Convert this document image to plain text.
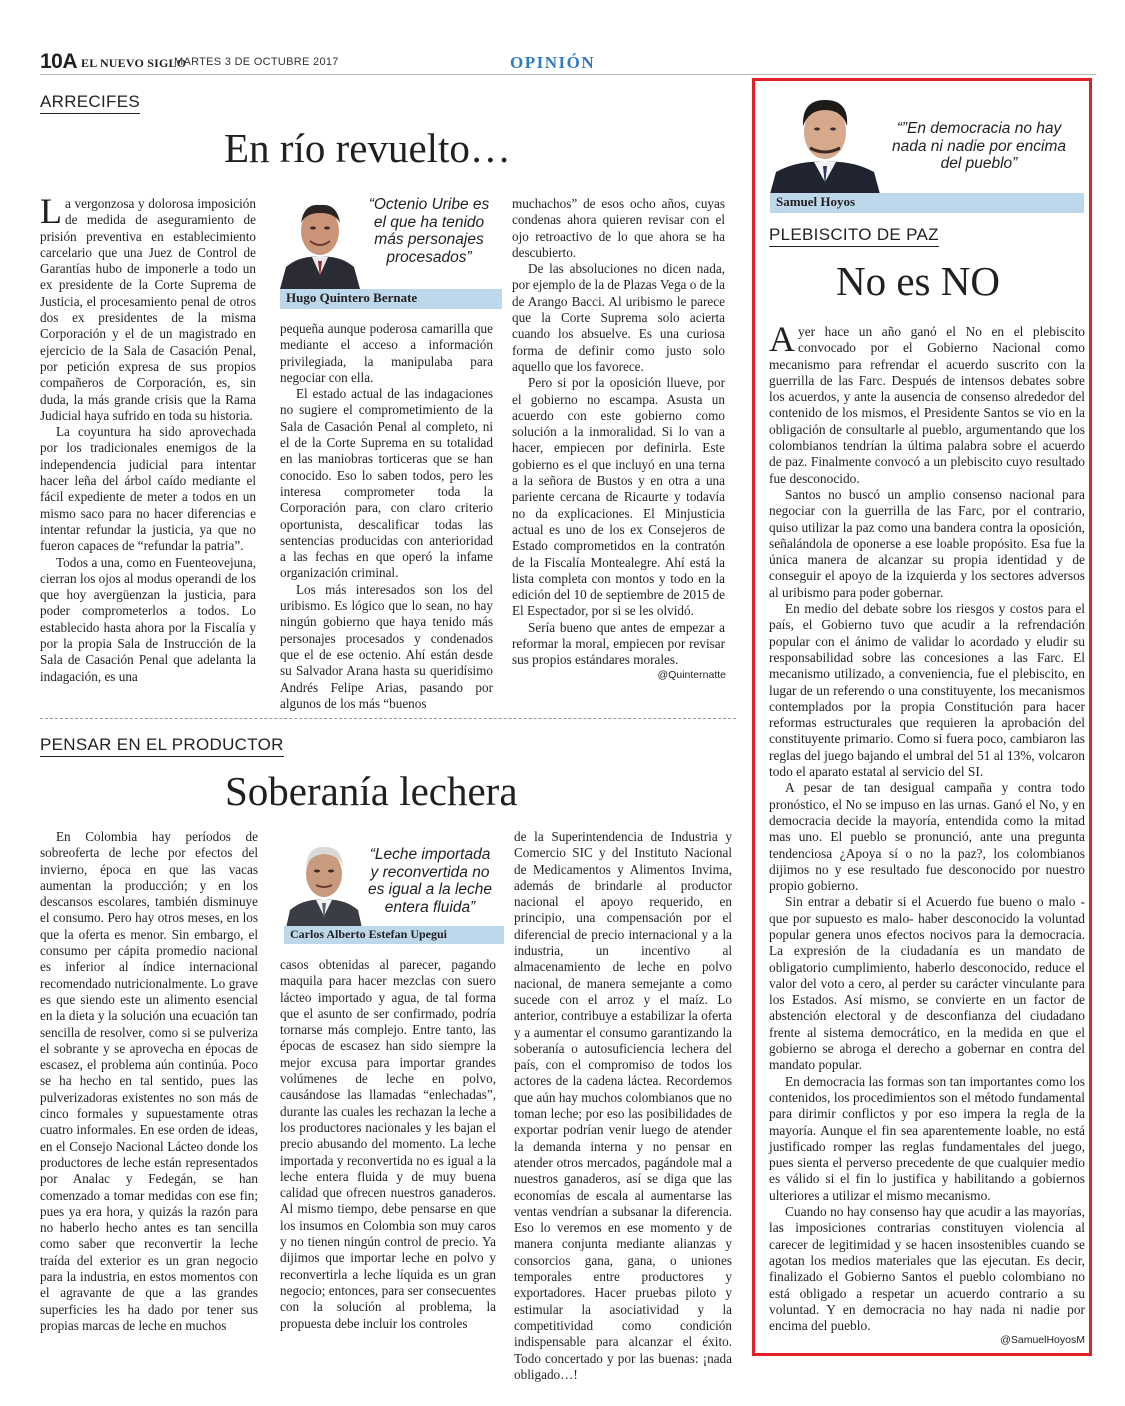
10A EL NUEVO SIGLO
MARTES 3 DE OCTUBRE 2017	OPINIÓN
ARRECIFES
En río revuelto…

La vergonzosa y dolorosa imposición de medida de aseguramiento de prisión preventiva en establecimiento carcelario que una Juez de Control de Garantías hubo de imponerle a todo un ex presidente de la Corte Suprema de Justicia, el procesamiento penal de otros dos ex presidentes de la misma Corporación y el de un magistrado en ejercicio de la Sala de Casación Penal, por petición expresa de sus propios compañeros de Corporación, es, sin duda, la más grande crisis que la Rama Judicial haya sufrido en toda su historia.

La coyuntura ha sido aprovechada por los tradicionales enemigos de la independencia judicial para intentar hacer leña del árbol caído mediante el fácil expediente de meter a todos en un mismo saco para no hacer diferencias e intentar refundar la justicia, ya que no fueron capaces de “refundar la patria”.

Todos a una, como en Fuenteovejuna, cierran los ojos al modus operandi de los que hoy avergüenzan la justicia, para poder comprometerlos a todos. Lo establecido hasta ahora por la Fiscalía y por la propia Sala de Instrucción de la Sala de Casación Penal que adelanta la indagación, es una

“Octenio Uribe es el que ha tenido más personajes procesados”
Hugo Quintero Bernate

pequeña aunque poderosa camarilla que mediante el acceso a información privilegiada, la manipulaba para negociar con ella.

El estado actual de las indagaciones no sugiere el comprometimiento de la Sala de Casación Penal al completo, ni el de la Corte Suprema en su totalidad en las maniobras torticeras que se han conocido. Eso lo saben todos, pero les interesa comprometer toda la Corporación para, con claro criterio oportunista, descalificar todas las sentencias producidas con anterioridad a las fechas en que operó la infame organización criminal.

Los más interesados son los del uribismo. Es lógico que lo sean, no hay ningún gobierno que haya tenido más personajes procesados y condenados que el de ese octenio. Ahí están desde su Salvador Arana hasta su queridísimo Andrés Felipe Arias, pasando por algunos de los más “buenos

muchachos” de esos ocho años, cuyas condenas ahora quieren revisar con el ojo retroactivo de lo que ahora se ha descubierto.

De las absoluciones no dicen nada, por ejemplo de la de Plazas Vega o de la de Arango Bacci. Al uribismo le parece que la Corte Suprema solo acierta cuando los absuelve. Es una curiosa forma de definir como justo solo aquello que los favorece.

Pero si por la oposición llueve, por el gobierno no escampa. Asusta un acuerdo con este gobierno como solución a la inmoralidad. Si lo van a hacer, empiecen por definirla. Este gobierno es el que incluyó en una terna a la señora de Bustos y en otra a una pariente cercana de Ricaurte y todavía no da explicaciones. El Minjusticia actual es uno de los ex Consejeros de Estado comprometidos en la contratón de la Fiscalía Montealegre. Ahí está la lista completa con montos y todo en la edición del 10 de septiembre de 2015 de El Espectador, por si se les olvidó.

Sería bueno que antes de empezar a reformar la moral, empiecen por revisar sus propios estándares morales.

@Quinternatte
PENSAR EN EL PRODUCTOR
Soberanía lechera

En Colombia hay períodos de sobreoferta de leche por efectos del invierno, época en que las vacas aumentan la producción; y en los descansos escolares, también disminuye el consumo. Pero hay otros meses, en los que la oferta es menor. Sin embargo, el consumo per cápita promedio nacional es inferior al índice internacional recomendado nutricionalmente. Lo grave es que siendo este un alimento esencial en la dieta y la solución una ecuación tan sencilla de resolver, como si se pulveriza el sobrante y se aprovecha en épocas de escasez, el problema aún continúa. Poco se ha hecho en tal sentido, pues las pulverizadoras existentes no son más de cinco formales y supuestamente otras cuatro informales. En ese orden de ideas, en el Consejo Nacional Lácteo donde los productores de leche están representados por Analac y Fedegán, se han comenzado a tomar medidas con ese fin; pues ya era hora, y quizás la razón para no haberlo hecho antes es tan sencilla como saber que reconvertir la leche traída del exterior es un gran negocio para la industria, en estos momentos con el agravante de que a las grandes superficies les ha dado por tener sus propias marcas de leche en muchos

“Leche importada y reconvertida no es igual a la leche entera fluida”
Carlos Alberto Estefan Upegui

casos obtenidas al parecer, pagando maquila para hacer mezclas con suero lácteo importado y agua, de tal forma que el asunto de ser confirmado, podría tornarse más complejo. Entre tanto, las épocas de escasez han sido siempre la mejor excusa para importar grandes volúmenes de leche en polvo, causándose las llamadas “enlechadas”, durante las cuales les rechazan la leche a los productores nacionales y les bajan el precio abusando del momento. La leche importada y reconvertida no es igual a la leche entera fluida y de muy buena calidad que ofrecen nuestros ganaderos. Al mismo tiempo, debe pensarse en que los insumos en Colombia son muy caros y no tienen ningún control de precio. Ya dijimos que importar leche en polvo y reconvertirla a leche líquida es un gran negocio; entonces, para ser consecuentes con la solución al problema, la propuesta debe incluir los controles

de la Superintendencia de Industria y Comercio SIC y del Instituto Nacional de Medicamentos y Alimentos Invima, además de brindarle al productor nacional el apoyo requerido, en principio, una compensación por el diferencial de precio internacional y a la industria, un incentivo al almacenamiento de leche en polvo nacional, de manera semejante a como sucede con el arroz y el maíz. Lo anterior, contribuye a estabilizar la oferta y a aumentar el consumo garantizando la soberanía o autosuficiencia lechera del país, con el compromiso de todos los actores de la cadena láctea. Recordemos que aún hay muchos colombianos que no toman leche; por eso las posibilidades de exportar podrían venir luego de atender la demanda interna y no pensar en atender otros mercados, pagándole mal a nuestros ganaderos, así se diga que las economías de escala al aumentarse las ventas vendrían a subsanar la diferencia. Eso lo veremos en ese momento y de manera conjunta mediante alianzas y consorcios gana, gana, o uniones temporales entre productores y exportadores. Hacer pruebas piloto y estimular la asociatividad y la competitividad como condición indispensable para alcanzar el éxito. Todo concertado y por las buenas: ¡nada obligado…!

“”En democracia no hay nada ni nadie por encima del pueblo”
Samuel Hoyos
PLEBISCITO DE PAZ
No es NO

Ayer hace un año ganó el No en el plebiscito convocado por el Gobierno Nacional como mecanismo para refrendar el acuerdo suscrito con la guerrilla de las Farc. Después de intensos debates sobre los acuerdos, y ante la ausencia de consenso alrededor del contenido de los mismos, el Presidente Santos se vio en la obligación de consultarle al pueblo, argumentando que los colombianos tendrían la última palabra sobre el acuerdo de paz. Finalmente convocó a un plebiscito cuyo resultado fue desconocido.

Santos no buscó un amplio consenso nacional para negociar con la guerrilla de las Farc, por el contrario, quiso utilizar la paz como una bandera contra la oposición, señalándola de oponerse a ese loable propósito. Esa fue la única manera de alcanzar su propia identidad y de conseguir el apoyo de la izquierda y los sectores adversos al uribismo para poder gobernar.

En medio del debate sobre los riesgos y costos para el país, el Gobierno tuvo que acudir a la refrendación popular con el ánimo de validar lo acordado y eludir su responsabilidad sobre las concesiones a las Farc. El mecanismo utilizado, a conveniencia, fue el plebiscito, en lugar de un referendo o una constituyente, los mecanismos contemplados por la propia Constitución para hacer reformas estructurales que requieren la aprobación del constituyente primario. Como si fuera poco, cambiaron las reglas del juego bajando el umbral del 51 al 13%, volcaron todo el aparato estatal al servicio del SI.

A pesar de tan desigual campaña y contra todo pronóstico, el No se impuso en las urnas. Ganó el No, y en democracia decide la mayoría, entendida como la mitad mas uno. El pueblo se pronunció, ante una pregunta tendenciosa ¿Apoya sí o no la paz?, los colombianos dijimos no y ese resultado fue desconocido por nuestro propio gobierno.

Sin entrar a debatir si el Acuerdo fue bueno o malo -que por supuesto es malo- haber desconocido la voluntad popular genera unos efectos nocivos para la democracia. La expresión de la ciudadanía es un mandato de obligatorio cumplimiento, haberlo desconocido, reduce el valor del voto a cero, al perder su carácter vinculante para los Estados. Así mismo, se convierte en un factor de abstención electoral y de desconfianza del ciudadano frente al sistema democrático, en la medida en que el gobierno se abroga el derecho a gobernar en contra del mandato popular.

En democracia las formas son tan importantes como los contenidos, los procedimientos son el método fundamental para dirimir conflictos y por eso impera la regla de la mayoría. Aunque el fin sea aparentemente loable, no está justificado romper las reglas fundamentales del juego, pues sienta el perverso precedente de que cualquier medio es válido si el fin lo justifica y habilitando a gobiernos ulteriores a utilizar el mismo mecanismo.

Cuando no hay consenso hay que acudir a las mayorías, las imposiciones contrarias constituyen violencia al carecer de legitimidad y se hacen insostenibles cuando se agotan los medios materiales que las ejecutan. Es decir, finalizado el Gobierno Santos el pueblo colombiano no está obligado a respetar un acuerdo contrario a su voluntad. Y en democracia no hay nada ni nadie por encima del pueblo.

@SamuelHoyosM
